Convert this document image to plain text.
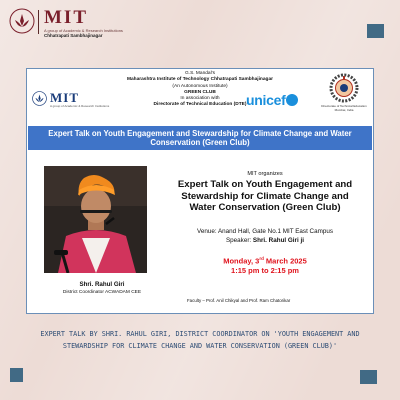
MIT
A group of Academic & Research Institutions
Chhatrapati Sambhajinagar
G.S. Mandal's
Maharashtra Institute of Technology Chhatrapati Sambhajinagar
(An Autonomous Institute)
GREEN CLUB
In association with
Directorate of Technical Education (DTE)
MIT
A group of Academic & Research Institutions	unicef	Directorate of Technical Education Mumbai, India
Expert Talk on Youth Engagement and Stewardship for Climate Change and Water Conservation (Green Club)
Shri. Rahul Giri
District Coordinator ACWADAM CEE
MIT organizes
Expert Talk on Youth Engagement and Stewardship for Climate Change and Water Conservation (Green Club)
Venue: Anand Hall, Gate No.1 MIT East Campus
Speaker: Shri. Rahul Giri ji
Monday, 3rd March 2025
1:15 pm to 2:15 pm
Faculty – Prof. Anil Chikyal and Prof. Ram Chatorikar
EXPERT TALK BY SHRI. RAHUL GIRI, DISTRICT COORDINATOR ON 'YOUTH ENGAGEMENT AND STEWARDSHIP FOR CLIMATE CHANGE AND WATER CONSERVATION (GREEN CLUB)'
